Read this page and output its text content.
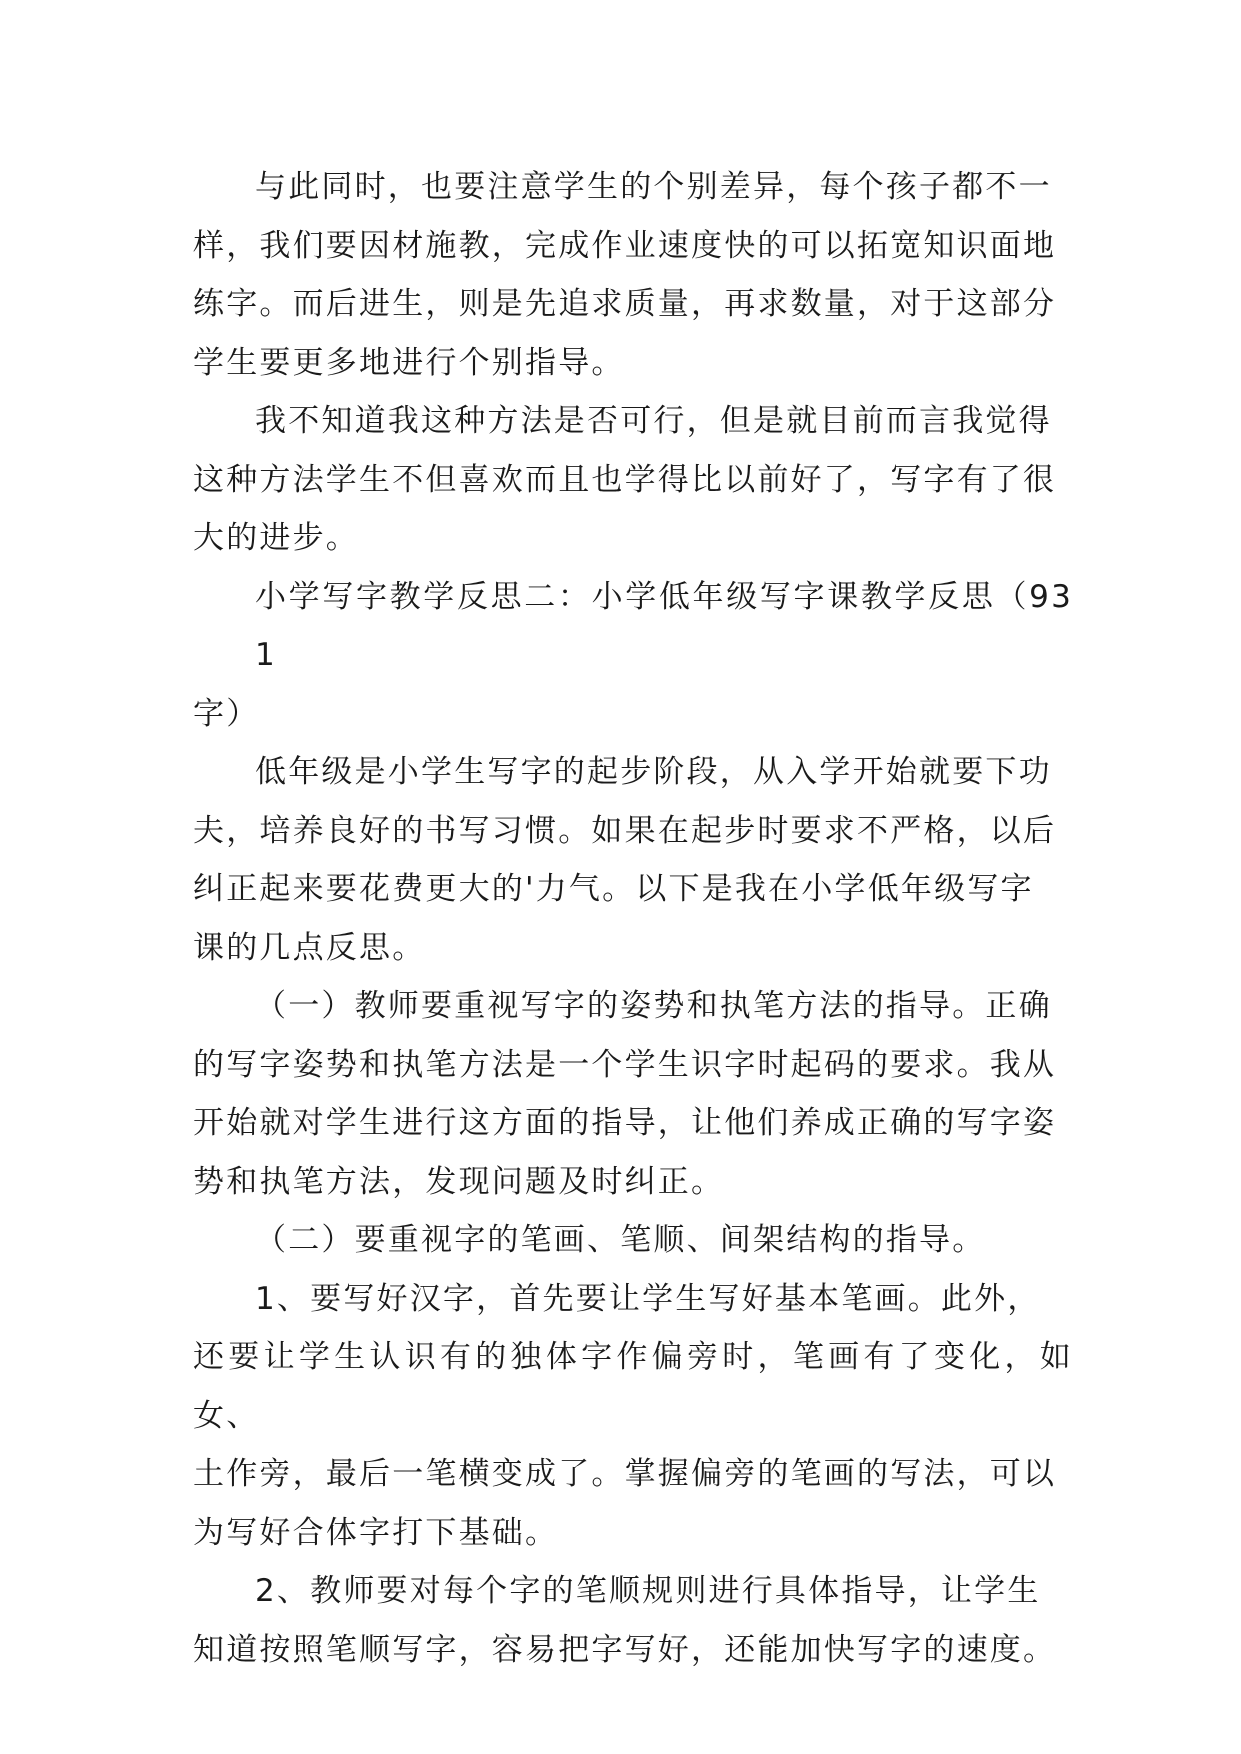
与此同时，也要注意学生的个别差异，每个孩子都不一
样，我们要因材施教，完成作业速度快的可以拓宽知识面地
练字。而后进生，则是先追求质量，再求数量，对于这部分
学生要更多地进行个别指导。

我不知道我这种方法是否可行，但是就目前而言我觉得
这种方法学生不但喜欢而且也学得比以前好了，写字有了很
大的进步。

小学写字教学反思二：小学低年级写字课教学反思（931
字）

低年级是小学生写字的起步阶段，从入学开始就要下功
夫，培养良好的书写习惯。如果在起步时要求不严格，以后
纠正起来要花费更大的'力气。以下是我在小学低年级写字
课的几点反思。

（一）教师要重视写字的姿势和执笔方法的指导。正确
的写字姿势和执笔方法是一个学生识字时起码的要求。我从
开始就对学生进行这方面的指导，让他们养成正确的写字姿
势和执笔方法，发现问题及时纠正。

（二）要重视字的笔画、笔顺、间架结构的指导。

1、要写好汉字，首先要让学生写好基本笔画。此外，
还要让学生认识有的独体字作偏旁时，笔画有了变化，如女、
土作旁，最后一笔横变成了。掌握偏旁的笔画的写法，可以
为写好合体字打下基础。

2、教师要对每个字的笔顺规则进行具体指导，让学生
知道按照笔顺写字，容易把字写好，还能加快写字的速度。
